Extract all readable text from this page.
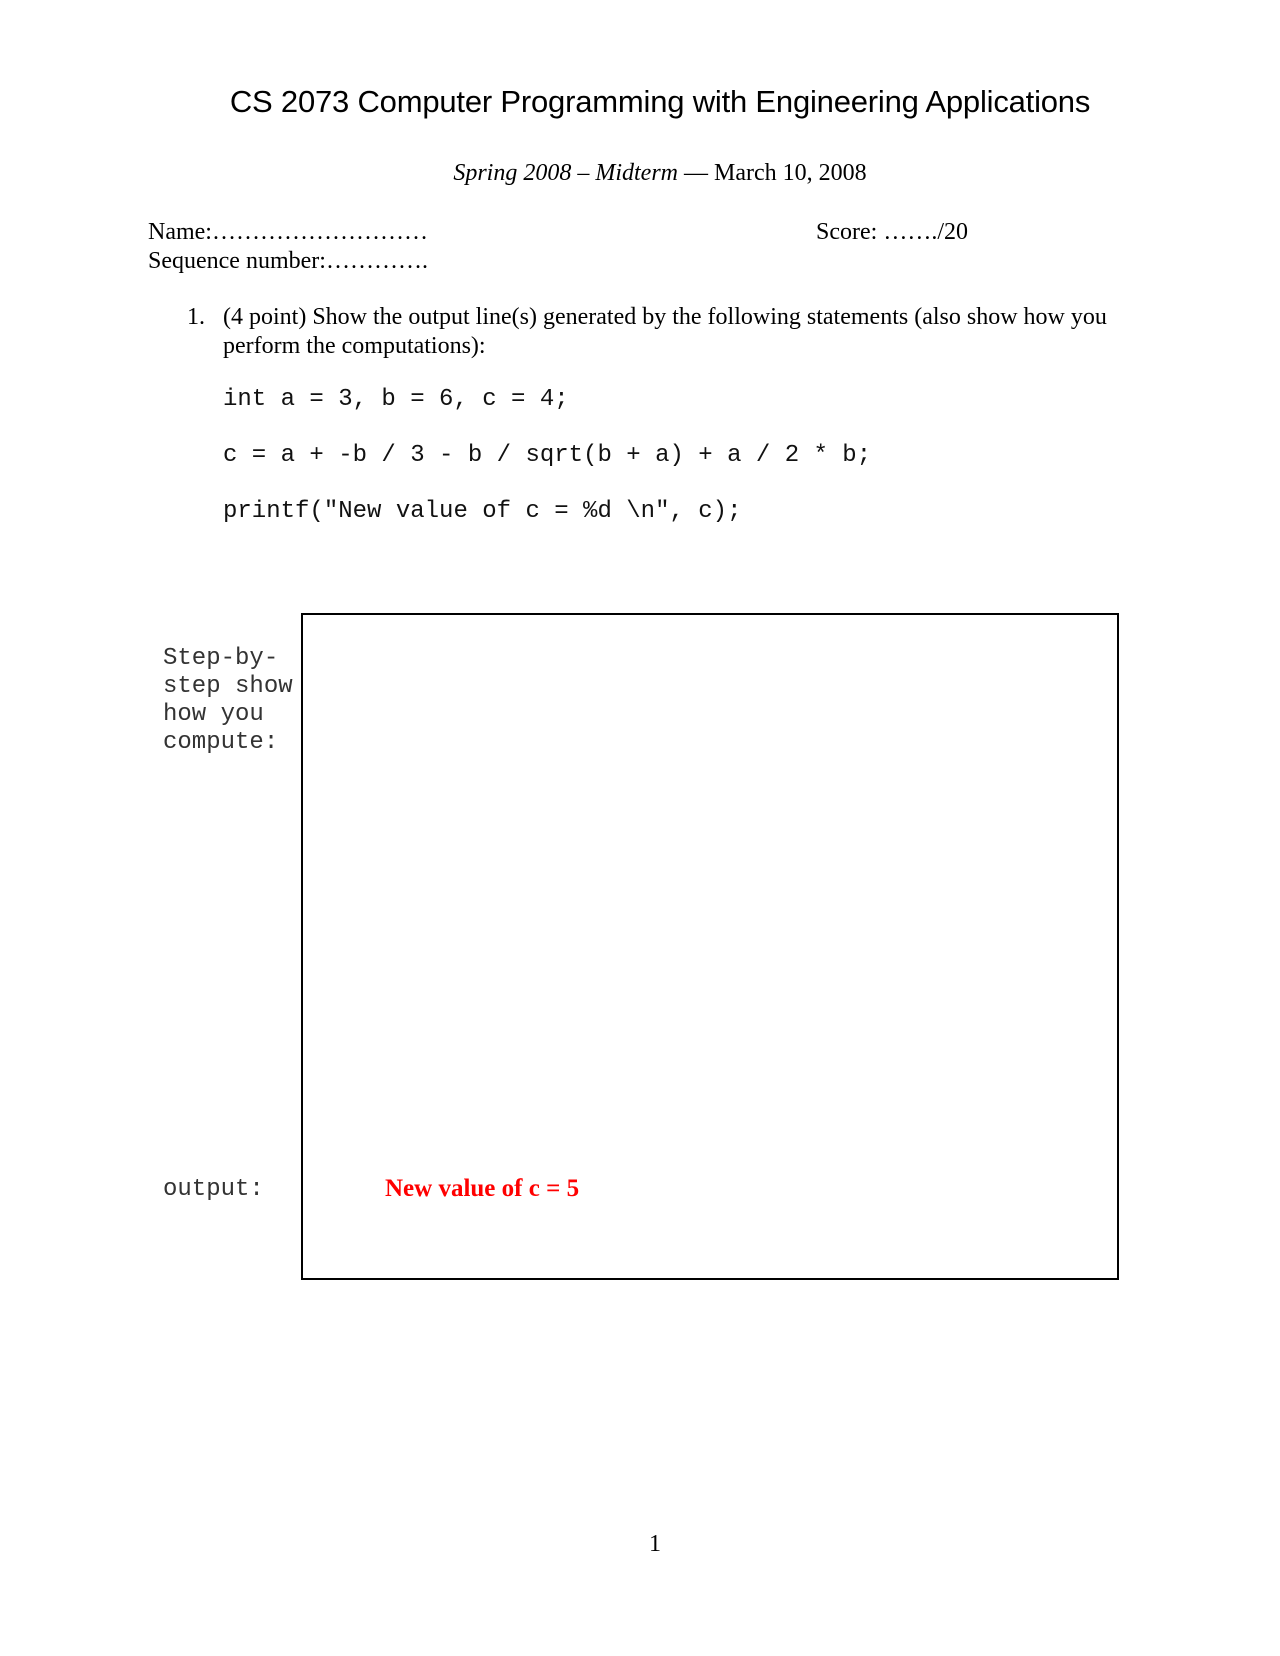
CS 2073 Computer Programming with Engineering Applications
Spring 2008 – Midterm — March 10, 2008
Name:………………………	Score: ……./20
Sequence number:………….
1. (4 point) Show the output line(s) generated by the following statements (also show how you perform the computations):
int a = 3, b = 6, c = 4;
c = a + -b / 3 - b / sqrt(b + a) + a / 2 * b;
printf("New value of c = %d \n", c);
Step-by-
step show
how you
compute:
output:	New value of c = 5
1
